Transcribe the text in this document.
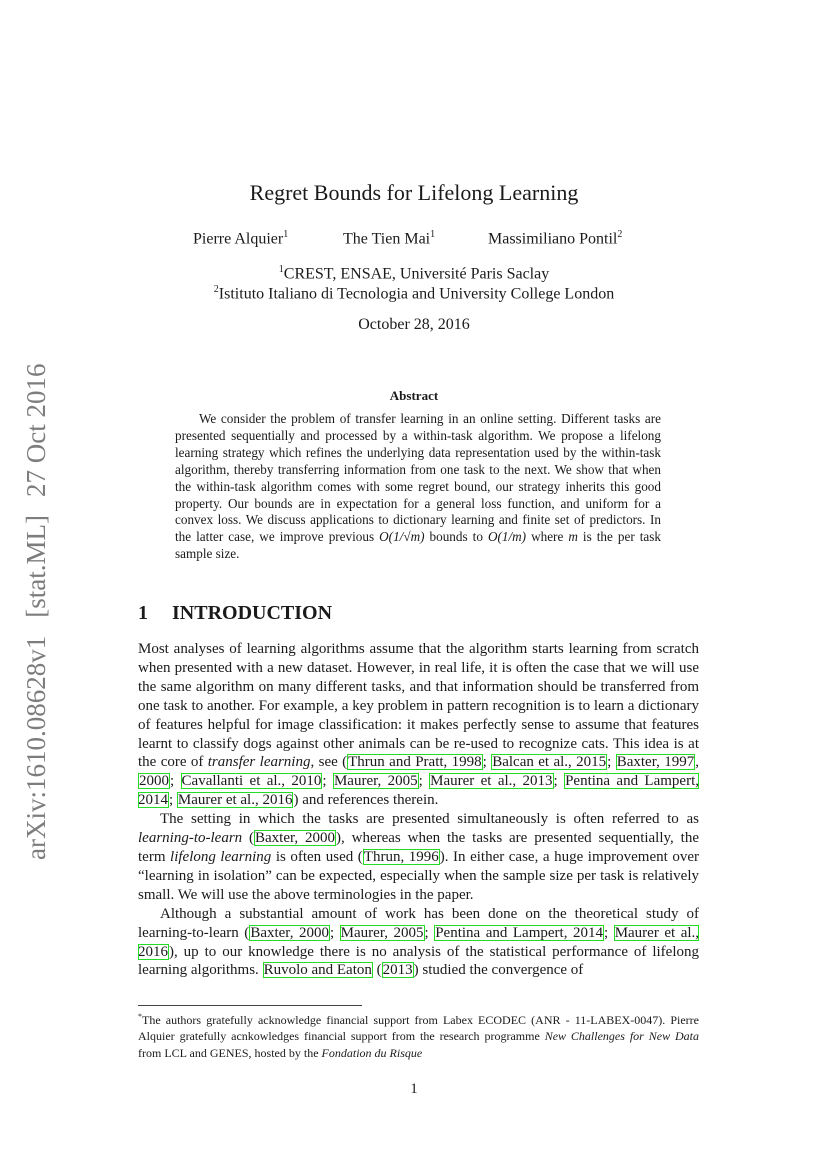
arXiv:1610.08628v1[stat.ML]27 Oct 2016
Regret Bounds for Lifelong Learning
Pierre Alquier$^1$	The Tien Mai$^1$	Massimiliano Pontil$^2$
$^1$CREST, ENSAE, Université Paris Saclay
$^2$Istituto Italiano di Tecnologia and University College London
October 28, 2016
Abstract

We consider the problem of transfer learning in an online setting. Different tasks are presented sequentially and processed by a within-task algorithm. We propose a lifelong learning strategy which refines the underlying data representation used by the within-task algorithm, thereby transferring information from one task to the next. We show that when the within-task algorithm comes with some regret bound, our strategy inherits this good property. Our bounds are in expectation for a general loss function, and uniform for a convex loss. We discuss applications to dictionary learning and finite set of predictors. In the latter case, we improve previous O(1/√m) bounds to O(1/m) where m is the per task sample size.

1 INTRODUCTION

Most analyses of learning algorithms assume that the algorithm starts learning from scratch when presented with a new dataset. However, in real life, it is often the case that we will use the same algorithm on many different tasks, and that information should be transferred from one task to another. For example, a key problem in pattern recognition is to learn a dictionary of features helpful for image classification: it makes perfectly sense to assume that features learnt to classify dogs against other animals can be re-used to recognize cats. This idea is at the core of transfer learning, see (Thrun and Pratt, 1998; Balcan et al., 2015; Baxter, 1997, 2000; Cavallanti et al., 2010; Maurer, 2005; Maurer et al., 2013; Pentina and Lampert, 2014; Maurer et al., 2016) and references therein.

The setting in which the tasks are presented simultaneously is often referred to as learning-to-learn (Baxter, 2000), whereas when the tasks are presented sequentially, the term lifelong learning is often used (Thrun, 1996). In either case, a huge improvement over “learning in isolation” can be expected, especially when the sample size per task is relatively small. We will use the above terminologies in the paper.

Although a substantial amount of work has been done on the theoretical study of learning-to-learn (Baxter, 2000; Maurer, 2005; Pentina and Lampert, 2014; Maurer et al., 2016), up to our knowledge there is no analysis of the statistical performance of lifelong learning algorithms. Ruvolo and Eaton (2013) studied the convergence of

*The authors gratefully acknowledge financial support from Labex ECODEC (ANR - 11-LABEX-0047). Pierre Alquier gratefully acnkowledges financial support from the research programme New Challenges for New Data from LCL and GENES, hosted by the Fondation du Risque
1
